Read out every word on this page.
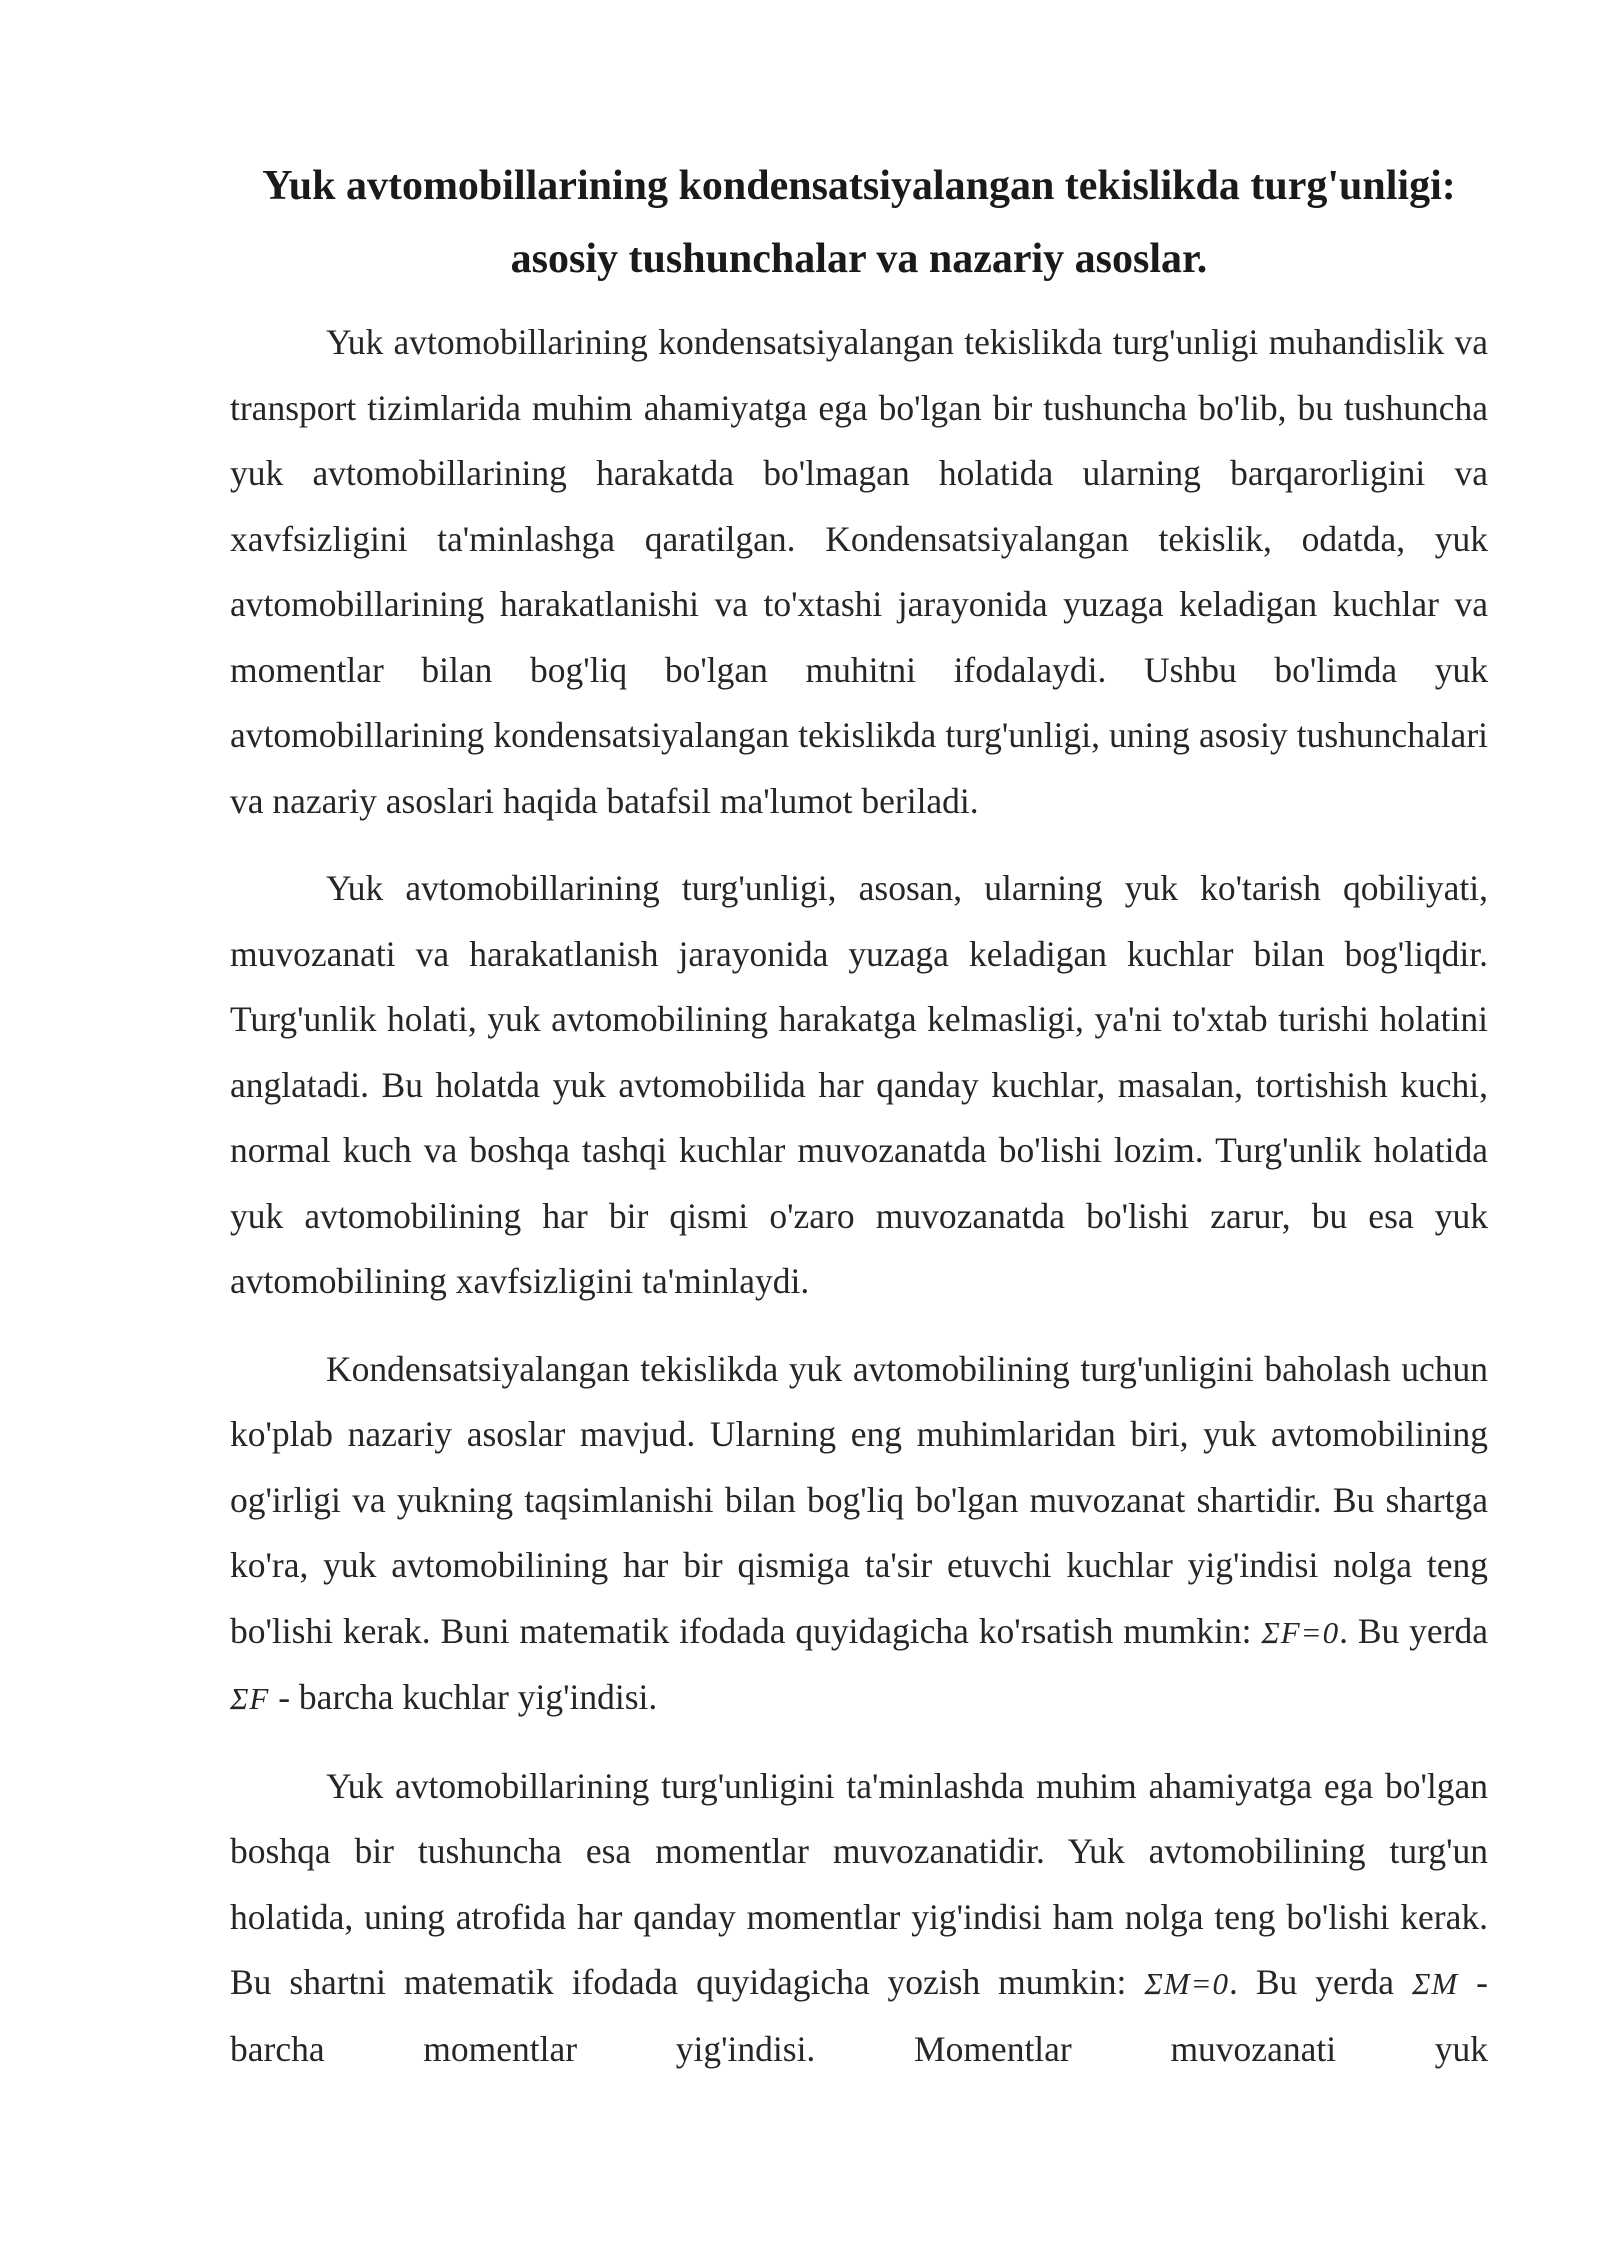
Yuk avtomobillarining kondensatsiyalangan tekislikda turg'unligi:
asosiy tushunchalar va nazariy asoslar.

Yuk avtomobillarining kondensatsiyalangan tekislikda turg'unligi muhandislik va transport tizimlarida muhim ahamiyatga ega bo'lgan bir tushuncha bo'lib, bu tushuncha yuk avtomobillarining harakatda bo'lmagan holatida ularning barqarorligini va xavfsizligini ta'minlashga qaratilgan. Kondensatsiyalangan tekislik, odatda, yuk avtomobillarining harakatlanishi va to'xtashi jarayonida yuzaga keladigan kuchlar va momentlar bilan bog'liq bo'lgan muhitni ifodalaydi. Ushbu bo'limda yuk avtomobillarining kondensatsiyalangan tekislikda turg'unligi, uning asosiy tushunchalari va nazariy asoslari haqida batafsil ma'lumot beriladi.

Yuk avtomobillarining turg'unligi, asosan, ularning yuk ko'tarish qobiliyati, muvozanati va harakatlanish jarayonida yuzaga keladigan kuchlar bilan bog'liqdir. Turg'unlik holati, yuk avtomobilining harakatga kelmasligi, ya'ni to'xtab turishi holatini anglatadi. Bu holatda yuk avtomobilida har qanday kuchlar, masalan, tortishish kuchi, normal kuch va boshqa tashqi kuchlar muvozanatda bo'lishi lozim. Turg'unlik holatida yuk avtomobilining har bir qismi o'zaro muvozanatda bo'lishi zarur, bu esa yuk avtomobilining xavfsizligini ta'minlaydi.

Kondensatsiyalangan tekislikda yuk avtomobilining turg'unligini baholash uchun ko'plab nazariy asoslar mavjud. Ularning eng muhimlaridan biri, yuk avtomobilining og'irligi va yukning taqsimlanishi bilan bog'liq bo'lgan muvozanat shartidir. Bu shartga ko'ra, yuk avtomobilining har bir qismiga ta'sir etuvchi kuchlar yig'indisi nolga teng bo'lishi kerak. Buni matematik ifodada quyidagicha ko'rsatish mumkin: ΣF=0. Bu yerda ΣF - barcha kuchlar yig'indisi.

Yuk avtomobillarining turg'unligini ta'minlashda muhim ahamiyatga ega bo'lgan boshqa bir tushuncha esa momentlar muvozanatidir. Yuk avtomobilining turg'un holatida, uning atrofida har qanday momentlar yig'indisi ham nolga teng bo'lishi kerak. Bu shartni matematik ifodada quyidagicha yozish mumkin: ΣM=0. Bu yerda ΣM - barcha momentlar yig'indisi. Momentlar muvozanati yuk
